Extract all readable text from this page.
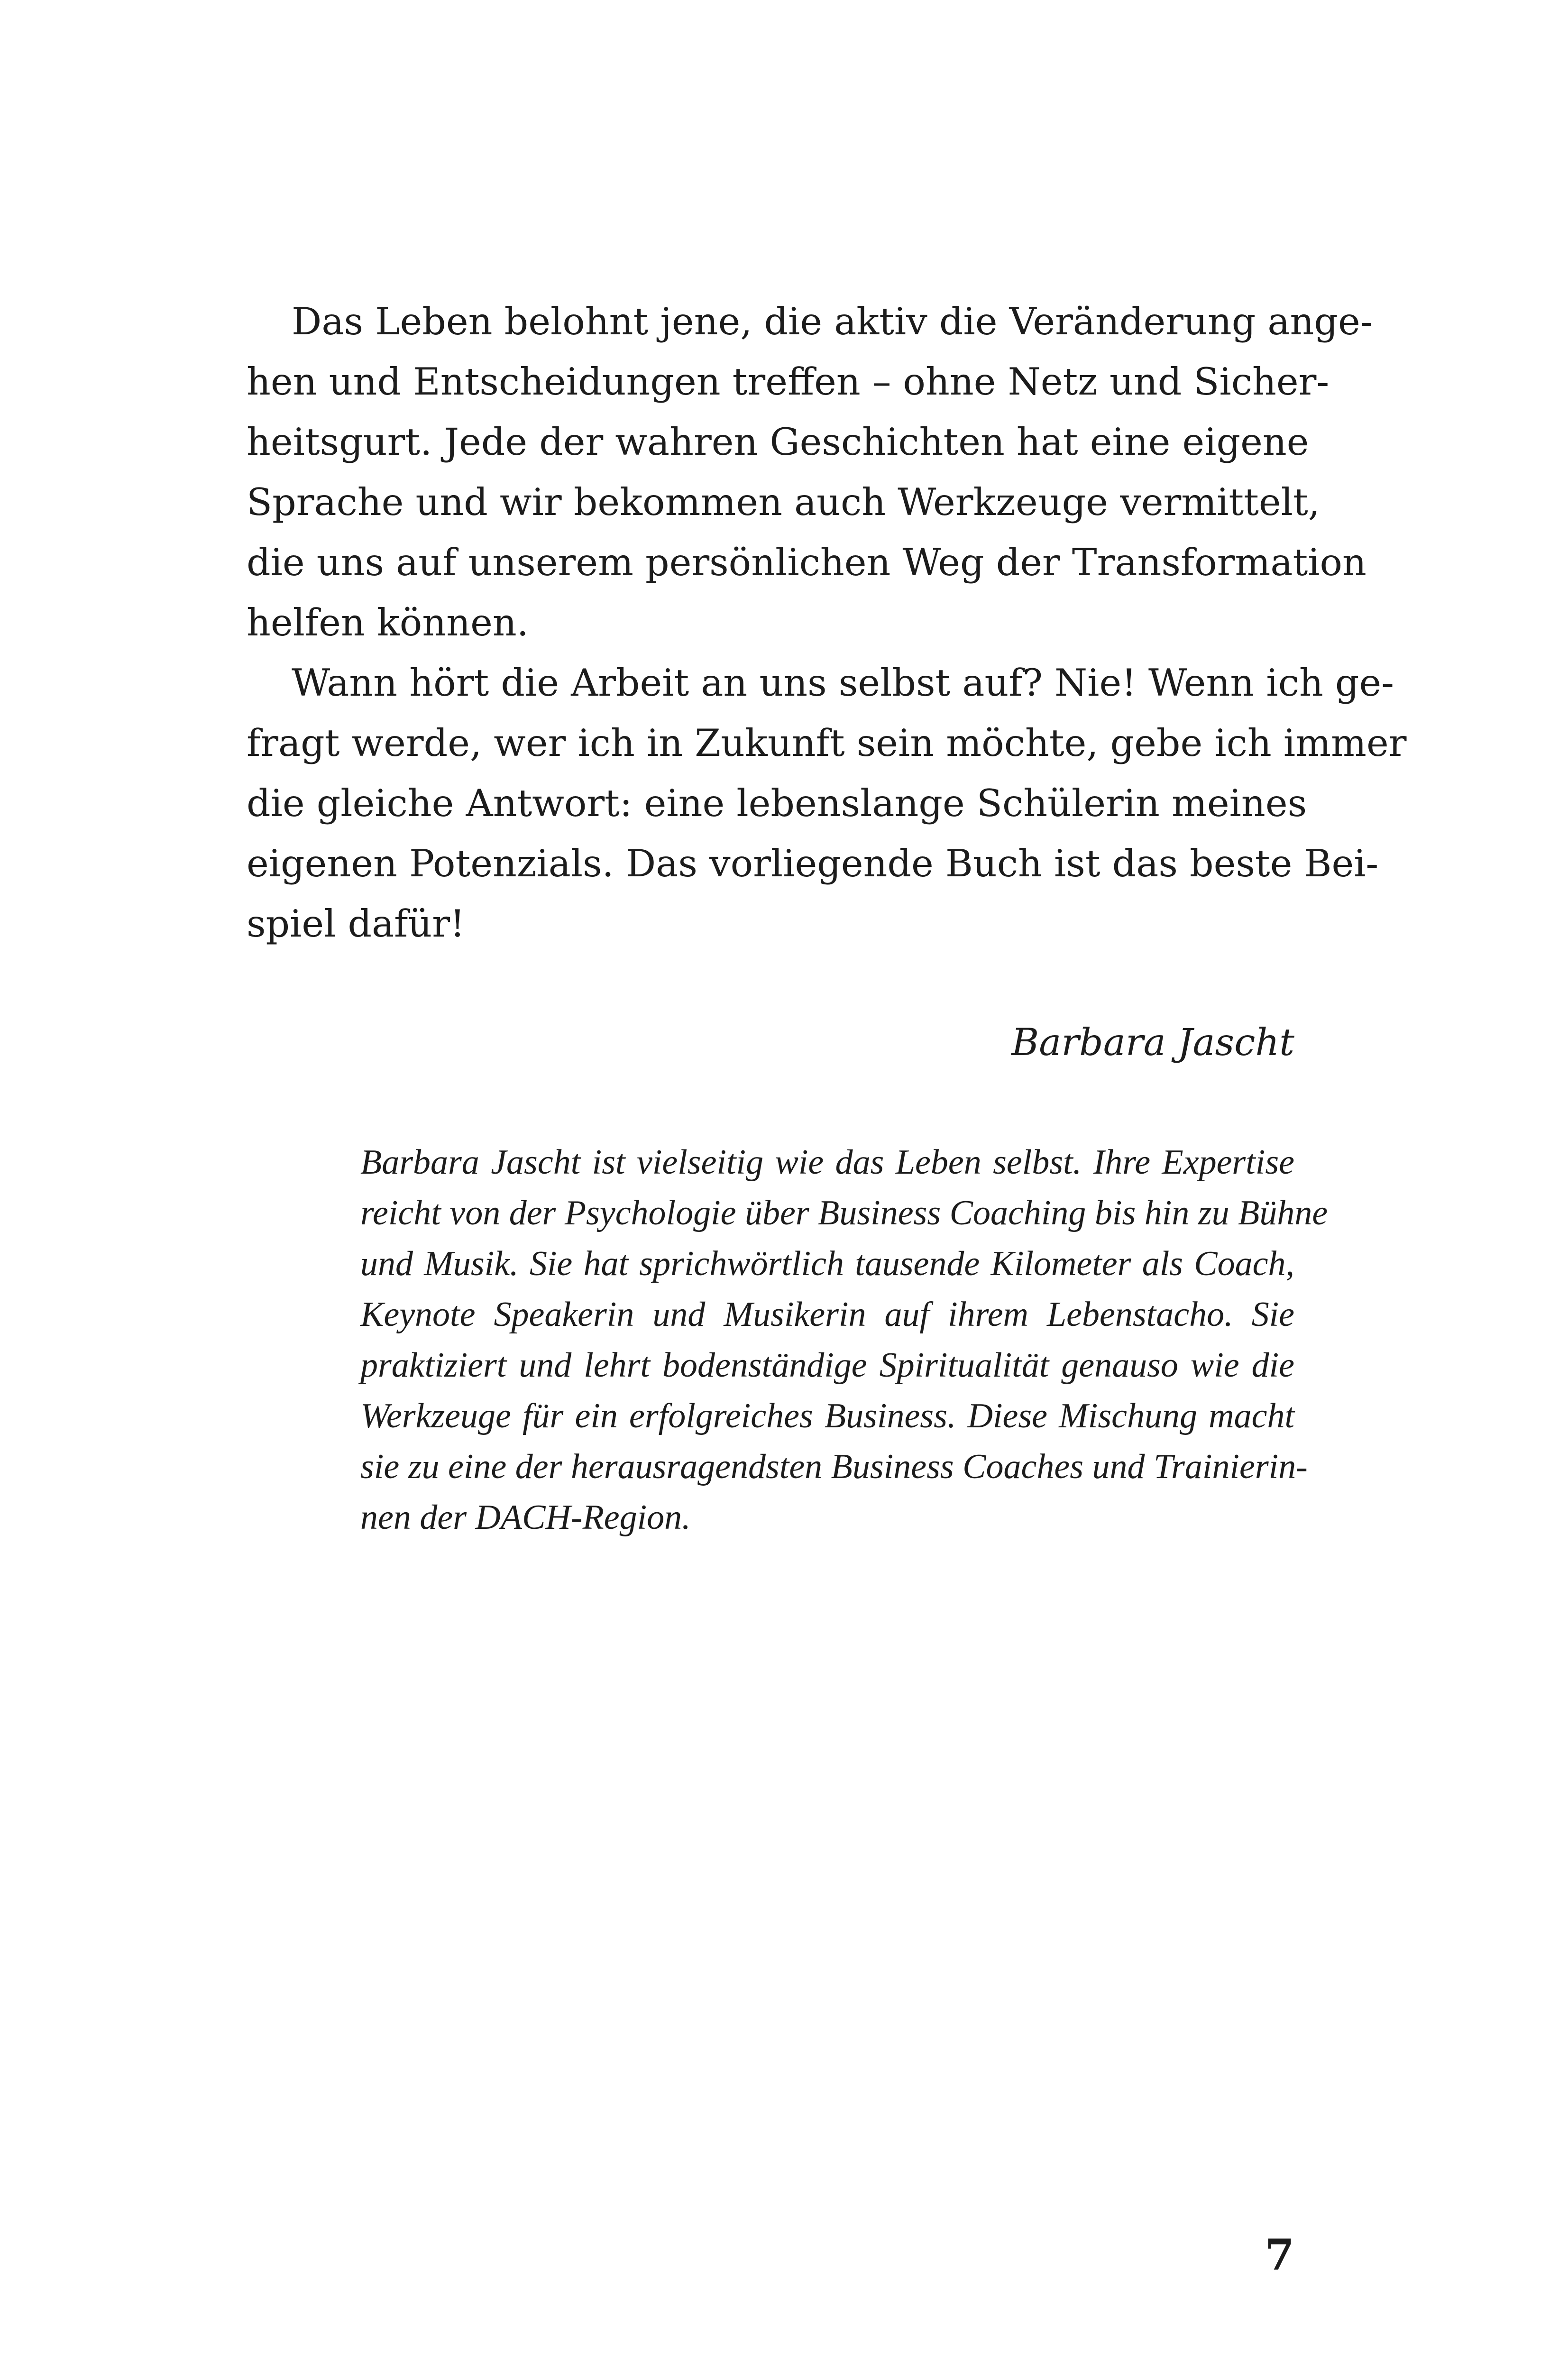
Das Leben belohnt jene, die aktiv die Veränderung ange-
hen und Entscheidungen treffen – ohne Netz und Sicher-
heitsgurt. Jede der wahren Geschichten hat eine eigene
Sprache und wir bekommen auch Werkzeuge vermittelt,
die uns auf unserem persönlichen Weg der Transformation
helfen können.
Wann hört die Arbeit an uns selbst auf? Nie! Wenn ich ge-
fragt werde, wer ich in Zukunft sein möchte, gebe ich immer
die gleiche Antwort: eine lebenslange Schülerin meines
eigenen Potenzials. Das vorliegende Buch ist das beste Bei-
spiel dafür!
Barbara Jascht
Barbara Jascht ist vielseitig wie das Leben selbst. Ihre Expertise
reicht von der Psychologie über Business Coaching bis hin zu Bühne
und Musik. Sie hat sprichwörtlich tausende Kilometer als Coach,
Keynote Speakerin und Musikerin auf ihrem Lebenstacho. Sie
praktiziert und lehrt bodenständige Spiritualität genauso wie die
Werkzeuge für ein erfolgreiches Business. Diese Mischung macht
sie zu eine der herausragendsten Business Coaches und Trainierin-
nen der DACH-Region.
7
